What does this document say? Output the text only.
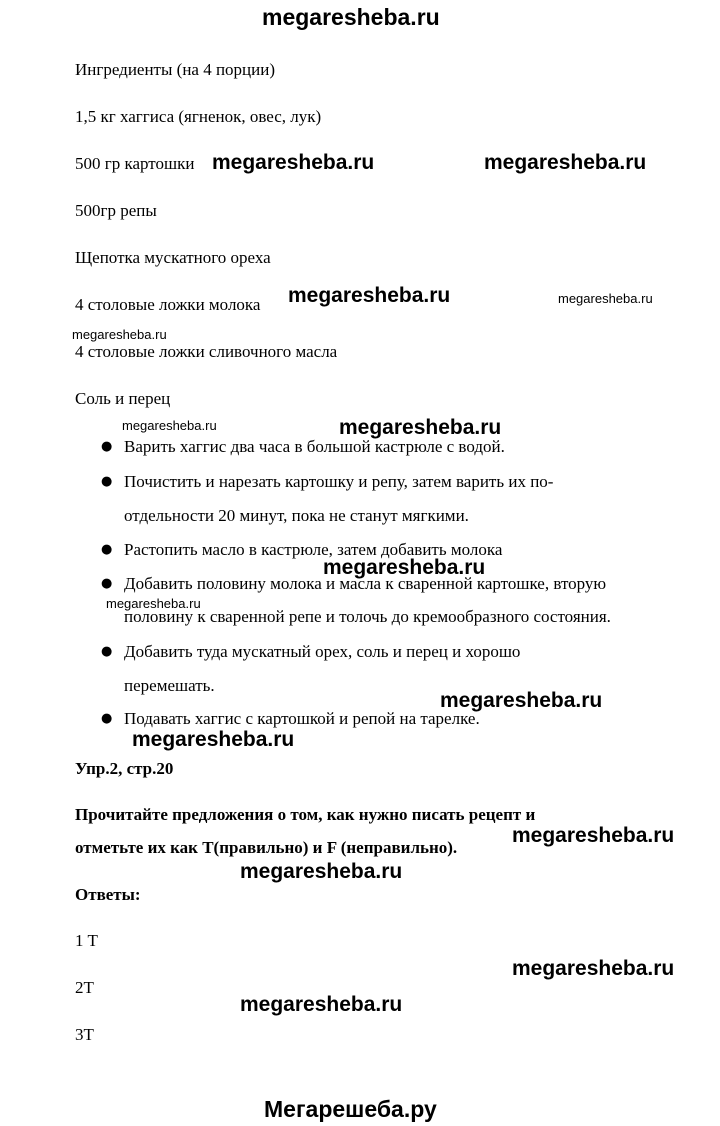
megaresheba.ru
Ингредиенты (на 4 порции)
1,5 кг хаггиса (ягненок, овес, лук)
500 гр картошки
500гр репы
Щепотка мускатного ореха
4 столовые ложки молока
4 столовые ложки сливочного масла
Соль и перец
● Варить хаггис два часа в большой кастрюле с водой.
● Почистить и нарезать картошку и репу, затем варить их по-
отдельности 20 минут, пока не станут мягкими.
● Растопить масло в кастрюле, затем добавить молока
● Добавить половину молока и масла к сваренной картошке, вторую
половину к сваренной репе и толочь до кремообразного состояния.
● Добавить туда мускатный орех, соль и перец и хорошо
перемешать.
● Подавать хаггис с картошкой и репой на тарелке.
Упр.2, стр.20
Прочитайте предложения о том, как нужно писать рецепт и
отметьте их как T(правильно) и F (неправильно).
Ответы:
1 T
2T
3T
megaresheba.ru	megaresheba.ru
megaresheba.ru
megaresheba.ru
megaresheba.ru
megaresheba.ru
megaresheba.ru
megaresheba.ru
megaresheba.ru
megaresheba.ru
megaresheba.ru
megaresheba.ru
megaresheba.ru
megaresheba.ru
megaresheba.ru
Мегарешеба.ру
